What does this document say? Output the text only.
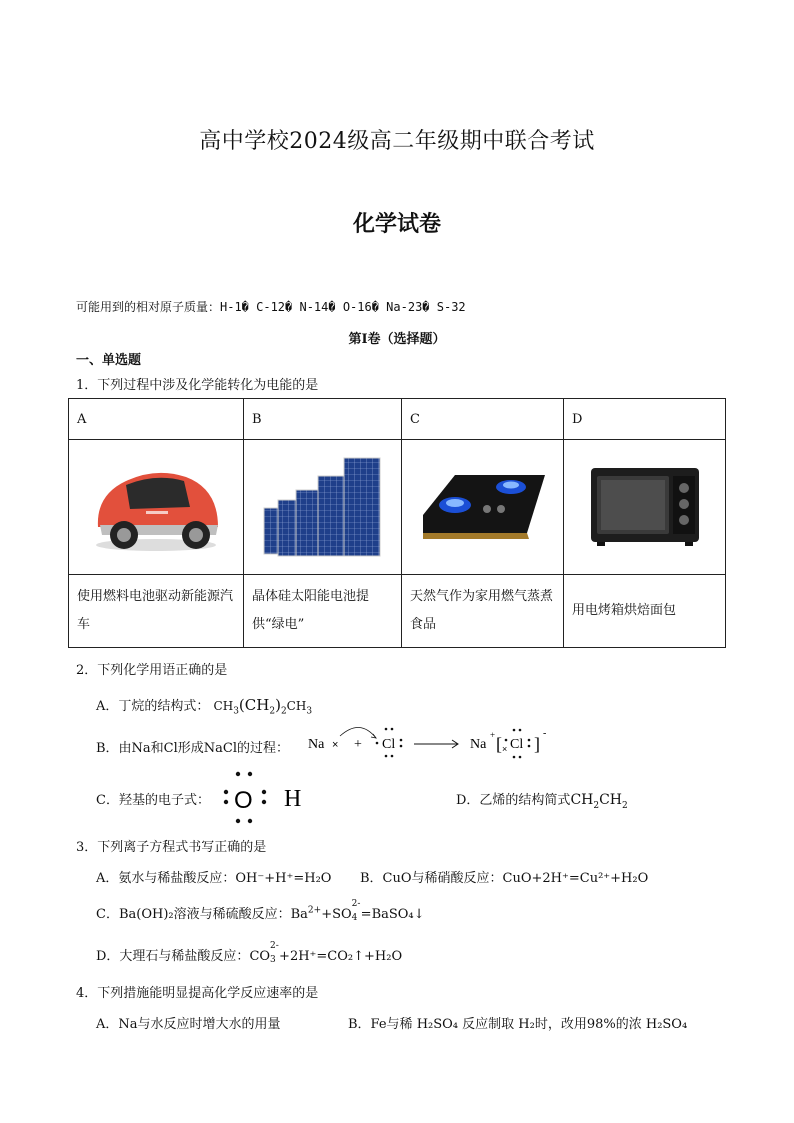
高中学校2024级高二年级期中联合考试
化学试卷
可能用到的相对原子质量：H-1� C-12� N-14� O-16� Na-23� S-32
第Ⅰ卷（选择题）
一、单选题
1．下列过程中涉及化学能转化为电能的是
A	B	C	D

使用燃料电池驱动新能源汽车	晶体硅太阳能电池提供“绿电”	天然气作为家用燃气蒸煮食品	用电烤箱烘焙面包
2．下列化学用语正确的是
A．丁烷的结构式： $CH_3(CH_2)_2CH_3$
B．由Na和Cl形成NaCl的过程： Na × + Cl	Na
+ [ × Cl ]
-
C．羟基的电子式： O H	D．乙烯的结构简式$CH_2CH_2$
3．下列离子方程式书写正确的是
A．氨水与稀盐酸反应：OH⁻+H⁺=H₂O B．CuO与稀硝酸反应：CuO+2H⁺=Cu²⁺+H₂O
C．Ba(OH)₂溶液与稀硫酸反应：$Ba^{2+}+SO$
2-
4 =BaSO₄↓
D．大理石与稀盐酸反应：CO
2-
3 +2H⁺=CO₂↑+H₂O
4．下列措施能明显提高化学反应速率的是
A．Na与水反应时增大水的用量	B．Fe与稀 H₂SO₄ 反应制取 H₂时，改用98%的浓 H₂SO₄
